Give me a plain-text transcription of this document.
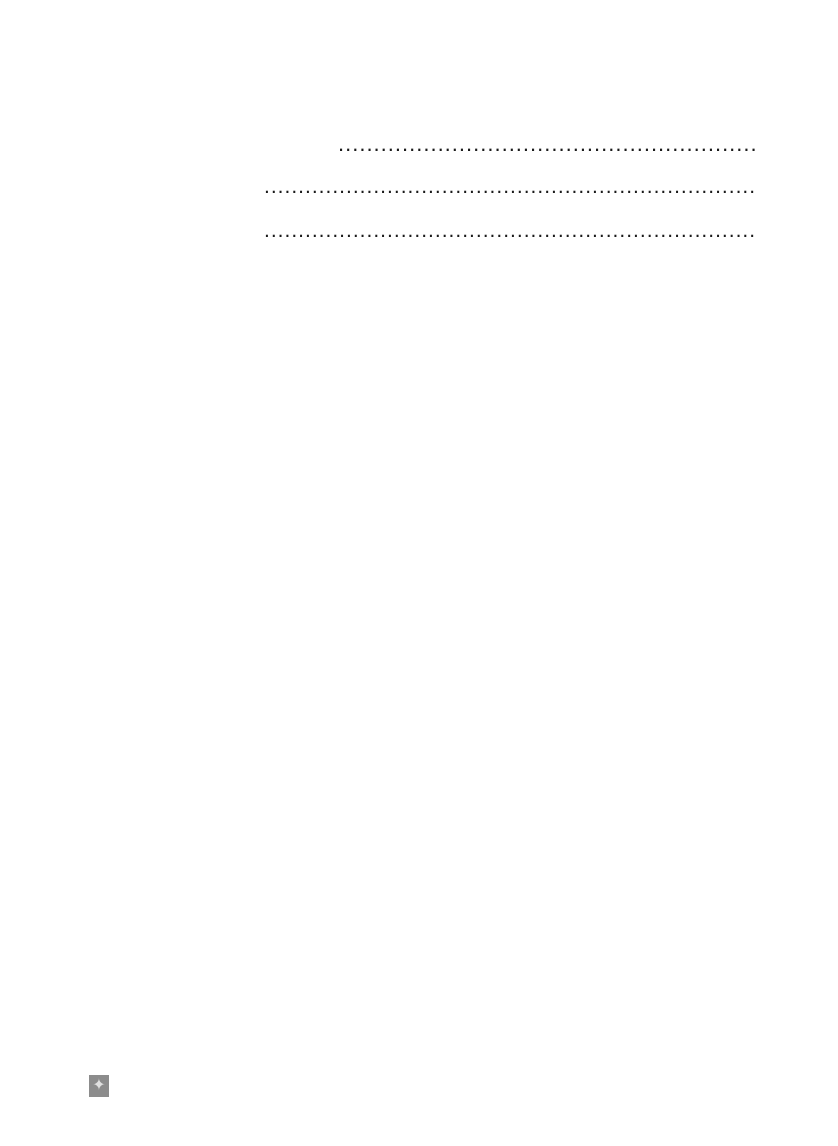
.....
.....
.....
✦
